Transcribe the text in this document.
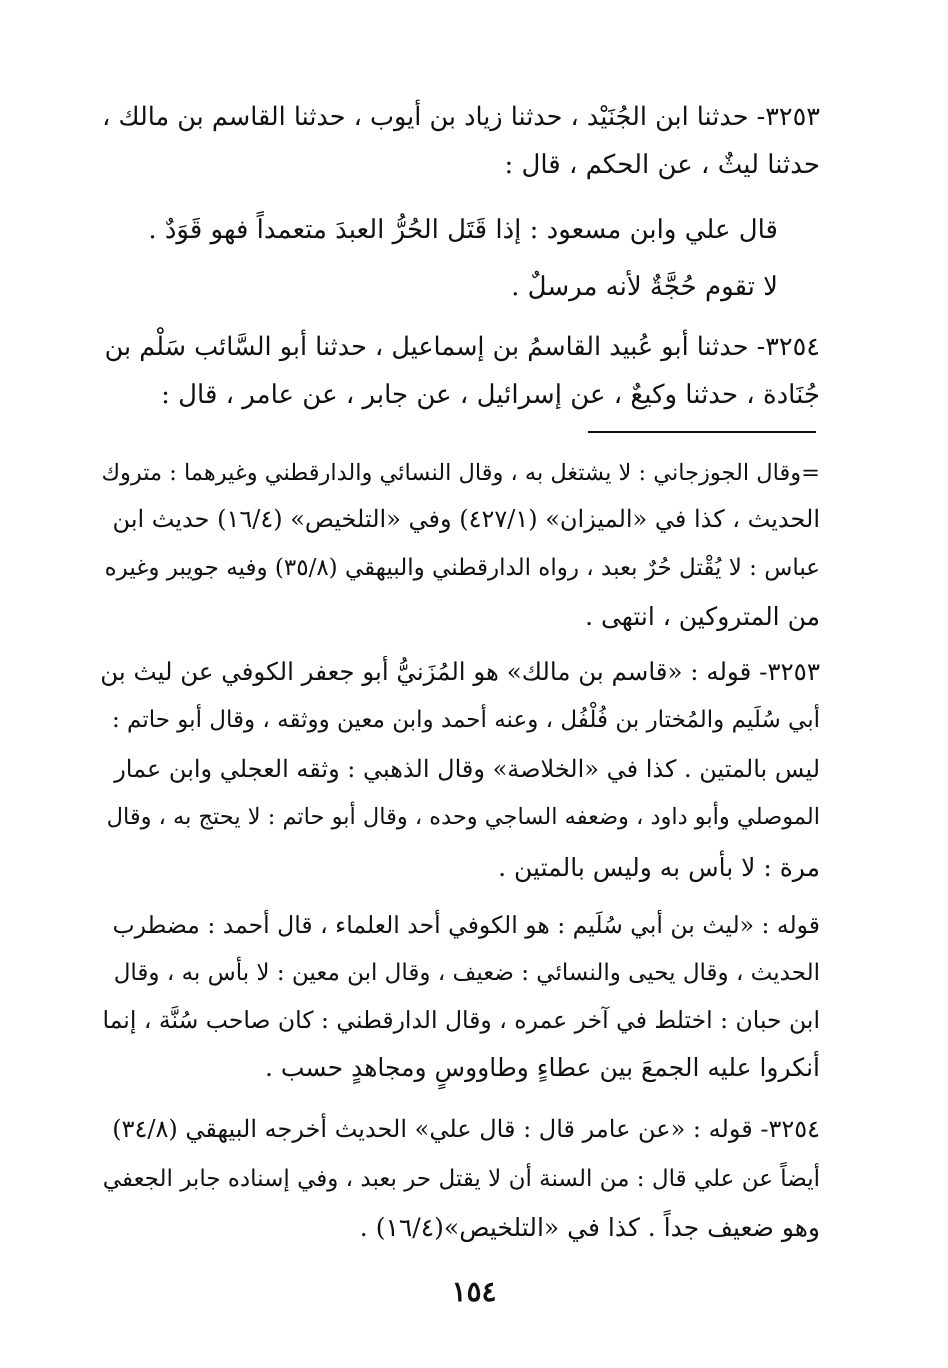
٣٢٥٣- حدثنا ابن الجُنَيْد ، حدثنا زياد بن أيوب ، حدثنا القاسم بن مالك ،
حدثنا ليثٌ ، عن الحكم ، قال :
قال علي وابن مسعود : إذا قَتَل الحُرُّ العبدَ متعمداً فهو قَوَدٌ .
لا تقوم حُجَّةٌ لأنه مرسلٌ .
٣٢٥٤- حدثنا أبو عُبيد القاسمُ بن إسماعيل ، حدثنا أبو السَّائب سَلْم بن
جُنَادة ، حدثنا وكيعٌ ، عن إسرائيل ، عن جابر ، عن عامر ، قال :
=وقال الجوزجاني : لا يشتغل به ، وقال النسائي والدارقطني وغيرهما : متروك
الحديث ، كذا في «الميزان» (٤٢٧/١) وفي «التلخيص» (١٦/٤) حديث ابن
عباس : لا يُقْتل حُرٌ بعبد ، رواه الدارقطني والبيهقي (٣٥/٨) وفيه جويبر وغيره
من المتروكين ، انتهى .
٣٢٥٣- قوله : «قاسم بن مالك» هو المُزَنيُّ أبو جعفر الكوفي عن ليث بن
أبي سُلَيم والمُختار بن فُلْفُل ، وعنه أحمد وابن معين ووثقه ، وقال أبو حاتم :
ليس بالمتين . كذا في «الخلاصة» وقال الذهبي : وثقه العجلي وابن عمار
الموصلي وأبو داود ، وضعفه الساجي وحده ، وقال أبو حاتم : لا يحتج به ، وقال
مرة : لا بأس به وليس بالمتين .
قوله : «ليث بن أبي سُلَيم : هو الكوفي أحد العلماء ، قال أحمد : مضطرب
الحديث ، وقال يحيى والنسائي : ضعيف ، وقال ابن معين : لا بأس به ، وقال
ابن حبان : اختلط في آخر عمره ، وقال الدارقطني : كان صاحب سُنَّة ، إنما
أنكروا عليه الجمعَ بين عطاءٍ وطاووسٍ ومجاهدٍ حسب .
٣٢٥٤- قوله : «عن عامر قال : قال علي» الحديث أخرجه البيهقي (٣٤/٨)
أيضاً عن علي قال : من السنة أن لا يقتل حر بعبد ، وفي إسناده جابر الجعفي
وهو ضعيف جداً . كذا في «التلخيص»(١٦/٤) .
١٥٤
